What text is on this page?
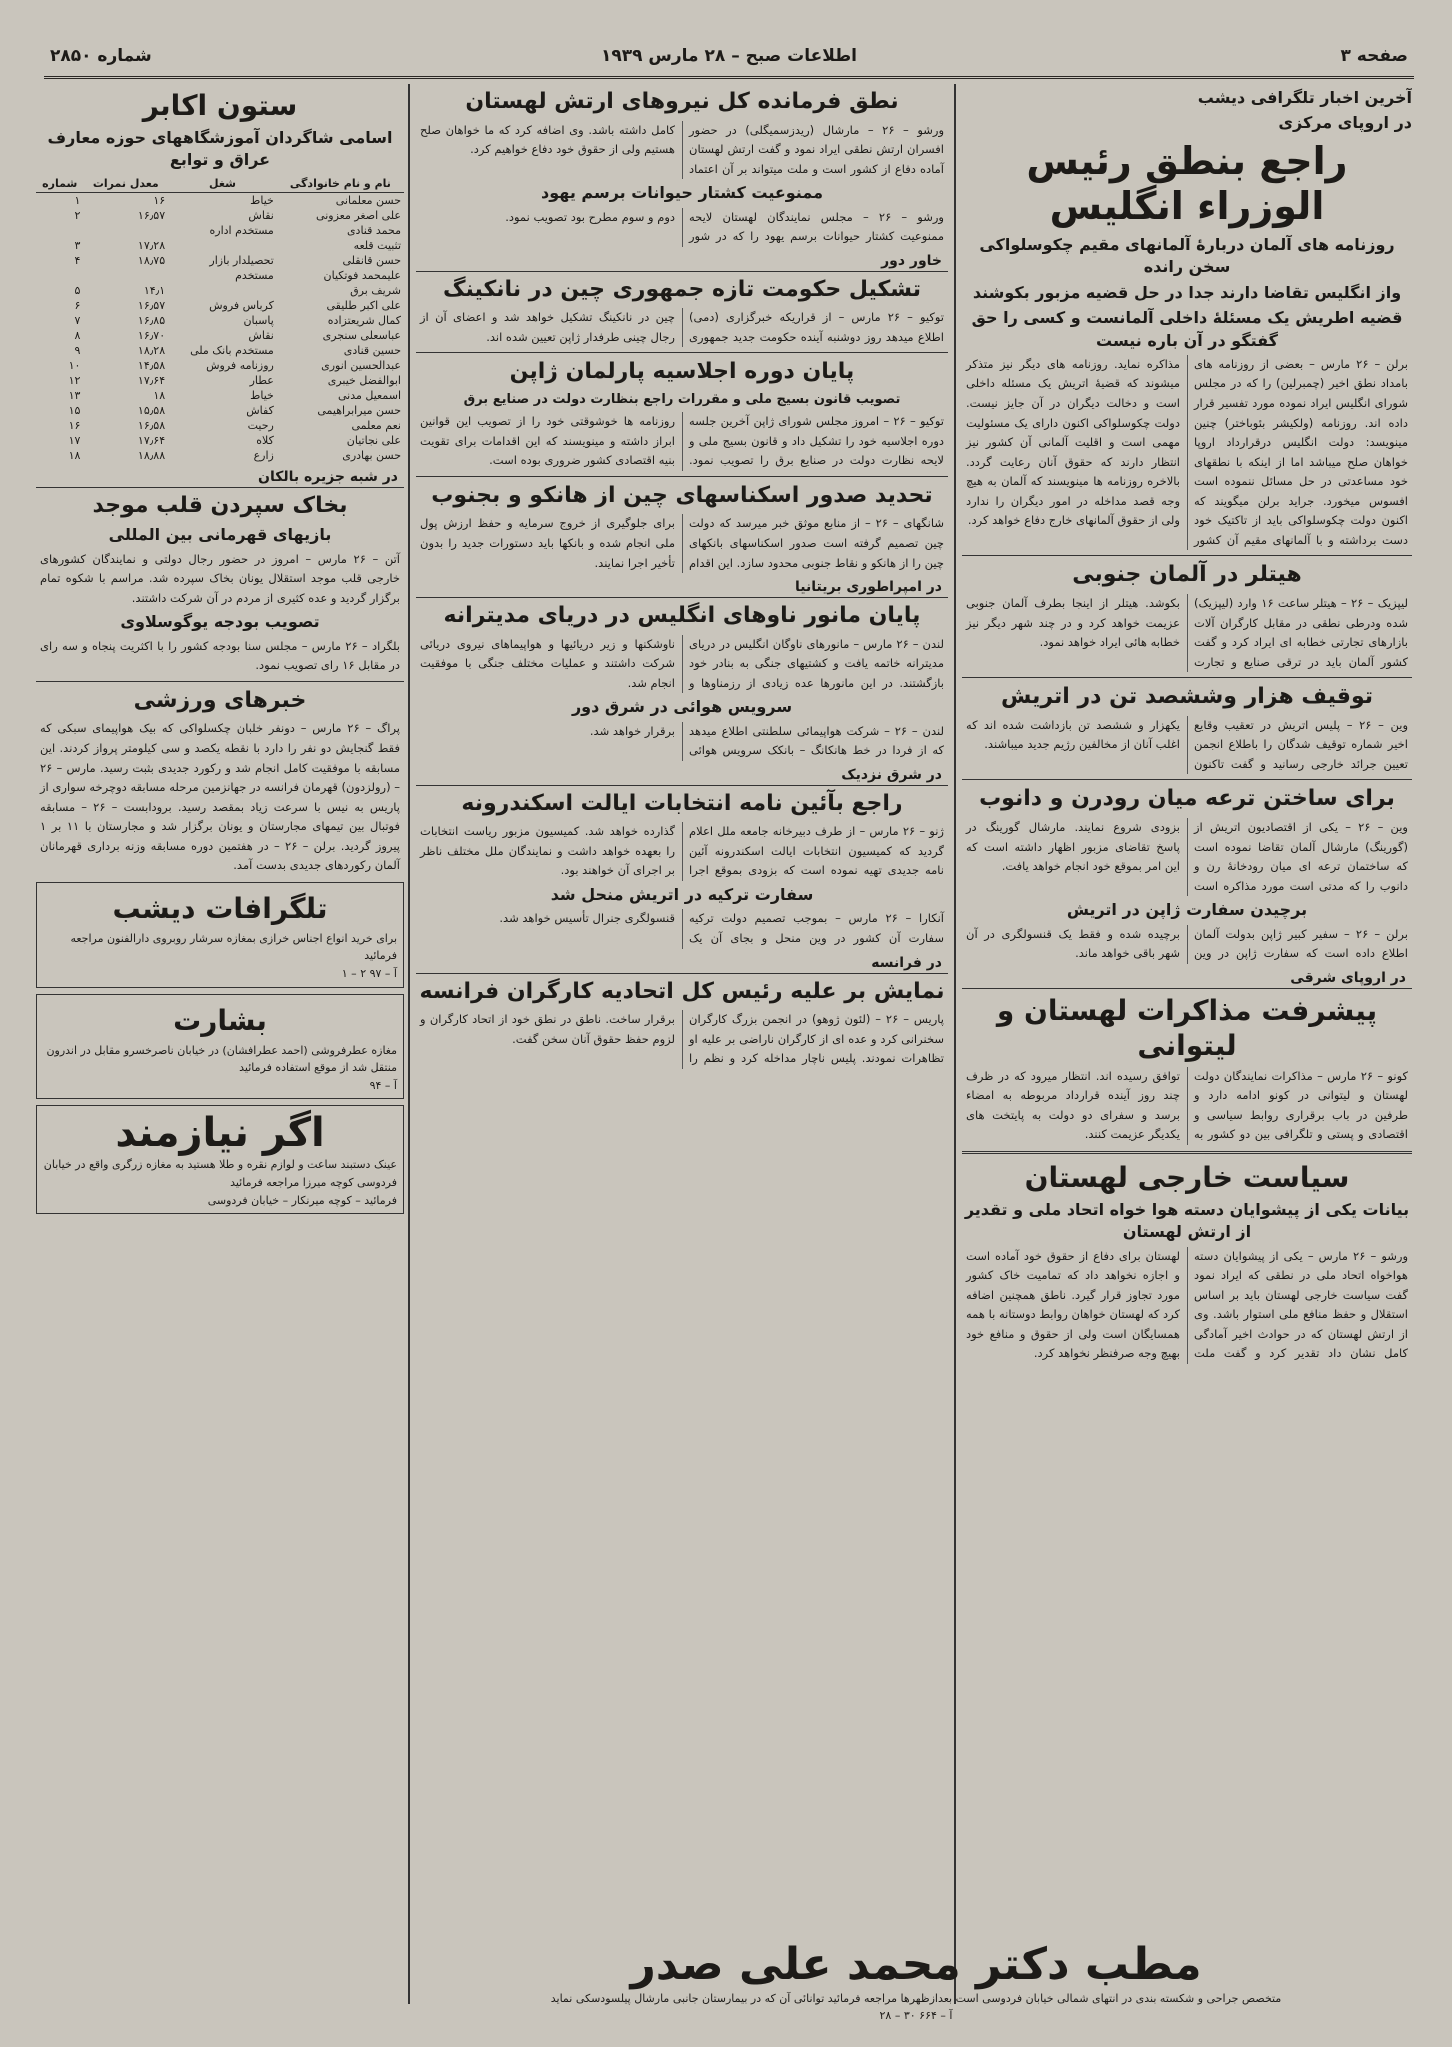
صفحه ۳
اطلاعات صبح – ۲۸ مارس ۱۹۳۹
شماره ۲۸۵۰
آخرین اخبار تلگرافی دیشب
در اروپای مرکزی
راجع بنطق رئیس الوزراء انگلیس
روزنامه های آلمان دربارهٔ آلمانهای مقیم چکوسلواکی سخن رانده
واز انگلیس تقاضا دارند جدا در حل قضیه مزبور بکوشند
قضیه اطریش یک مسئلهٔ داخلی آلمانست و کسی را حق گفتگو در آن باره نیست
برلن – ۲۶ مارس – بعضی از روزنامه های بامداد نطق اخیر (چمبرلین) را که در مجلس شورای انگلیس ایراد نموده مورد تفسیر قرار داده اند. روزنامه (ولکیشر بئوباختر) چنین مینویسد: دولت انگلیس درقرارداد اروپا خواهان صلح میباشد اما از اینکه با نطقهای خود مساعدتی در حل مسائل ننموده است افسوس میخورد. جراید برلن میگویند که اکنون دولت چکوسلواکی باید از تاکتیک خود دست برداشته و با آلمانهای مقیم آن کشور مذاکره نماید. روزنامه های دیگر نیز متذکر میشوند که قضیهٔ اتریش یک مسئله داخلی است و دخالت دیگران در آن جایز نیست. دولت چکوسلواکی اکنون دارای یک مسئولیت مهمی است و اقلیت آلمانی آن کشور نیز انتظار دارند که حقوق آنان رعایت گردد. بالاخره روزنامه ها مینویسند که آلمان به هیچ وجه قصد مداخله در امور دیگران را ندارد ولی از حقوق آلمانهای خارج دفاع خواهد کرد.
هیتلر در آلمان جنوبی
لیپزیک – ۲۶ – هیتلر ساعت ۱۶ وارد (لیپزیک) شده ودرطی نطقی در مقابل کارگران آلات بازارهای تجارتی خطابه ای ایراد کرد و گفت کشور آلمان باید در ترقی صنایع و تجارت بکوشد. هیتلر از اینجا بطرف آلمان جنوبی عزیمت خواهد کرد و در چند شهر دیگر نیز خطابه هائی ایراد خواهد نمود.
توقیف هزار وششصد تن در اتریش
وین – ۲۶ – پلیس اتریش در تعقیب وقایع اخیر شماره توقیف شدگان را باطلاع انجمن تعیین جرائد خارجی رسانید و گفت تاکنون یکهزار و ششصد تن بازداشت شده اند که اغلب آنان از مخالفین رژیم جدید میباشند.
برای ساختن ترعه میان رودرن و دانوب
وین – ۲۶ – یکی از اقتصادیون اتریش از (گورینگ) مارشال آلمان تقاضا نموده است که ساختمان ترعه ای میان رودخانهٔ رن و دانوب را که مدتی است مورد مذاکره است بزودی شروع نمایند. مارشال گورینگ در پاسخ تقاضای مزبور اظهار داشته است که این امر بموقع خود انجام خواهد یافت.
برچیدن سفارت ژاپن در اتریش
برلن – ۲۶ – سفیر کبیر ژاپن بدولت آلمان اطلاع داده است که سفارت ژاپن در وین برچیده شده و فقط یک قنسولگری در آن شهر باقی خواهد ماند.
در اروپای شرقی
پیشرفت مذاکرات لهستان و لیتوانی
کونو – ۲۶ مارس – مذاکرات نمایندگان دولت لهستان و لیتوانی در کونو ادامه دارد و طرفین در باب برقراری روابط سیاسی و اقتصادی و پستی و تلگرافی بین دو کشور به توافق رسیده اند. انتظار میرود که در ظرف چند روز آینده قرارداد مربوطه به امضاء برسد و سفرای دو دولت به پایتخت های یکدیگر عزیمت کنند.
سیاست خارجی لهستان
بیانات یکی از پیشوایان دسته هوا خواه اتحاد ملی و تقدیر از ارتش لهستان
ورشو – ۲۶ مارس – یکی از پیشوایان دسته هواخواه اتحاد ملی در نطقی که ایراد نمود گفت سیاست خارجی لهستان باید بر اساس استقلال و حفظ منافع ملی استوار باشد. وی از ارتش لهستان که در حوادث اخیر آمادگی کامل نشان داد تقدیر کرد و گفت ملت لهستان برای دفاع از حقوق خود آماده است و اجازه نخواهد داد که تمامیت خاک کشور مورد تجاوز قرار گیرد. ناطق همچنین اضافه کرد که لهستان خواهان روابط دوستانه با همه همسایگان است ولی از حقوق و منافع خود بهیچ وجه صرفنظر نخواهد کرد.
نطق فرمانده کل نیروهای ارتش لهستان
ورشو – ۲۶ – مارشال (ریدزسمیگلی) در حضور افسران ارتش نطقی ایراد نمود و گفت ارتش لهستان آماده دفاع از کشور است و ملت میتواند بر آن اعتماد کامل داشته باشد. وی اضافه کرد که ما خواهان صلح هستیم ولی از حقوق خود دفاع خواهیم کرد.
ممنوعیت کشتار حیوانات برسم یهود
ورشو – ۲۶ – مجلس نمایندگان لهستان لایحه ممنوعیت کشتار حیوانات برسم یهود را که در شور دوم و سوم مطرح بود تصویب نمود.
خاور دور
تشکیل حکومت تازه جمهوری چین در نانکینگ
توکیو – ۲۶ مارس – از قراریکه خبرگزاری (دمی) اطلاع میدهد روز دوشنبه آینده حکومت جدید جمهوری چین در نانکینگ تشکیل خواهد شد و اعضای آن از رجال چینی طرفدار ژاپن تعیین شده اند.
پایان دوره اجلاسیه پارلمان ژاپن
تصویب قانون بسیج ملی و مقررات راجع بنظارت دولت در صنایع برق
توکیو – ۲۶ – امروز مجلس شورای ژاپن آخرین جلسه دوره اجلاسیه خود را تشکیل داد و قانون بسیج ملی و لایحه نظارت دولت در صنایع برق را تصویب نمود. روزنامه ها خوشوقتی خود را از تصویب این قوانین ابراز داشته و مینویسند که این اقدامات برای تقویت بنیه اقتصادی کشور ضروری بوده است.
تحدید صدور اسکناسهای چین از هانکو و بجنوب
شانگهای – ۲۶ – از منابع موثق خبر میرسد که دولت چین تصمیم گرفته است صدور اسکناسهای بانکهای چین را از هانکو و نقاط جنوبی محدود سازد. این اقدام برای جلوگیری از خروج سرمایه و حفظ ارزش پول ملی انجام شده و بانکها باید دستورات جدید را بدون تأخیر اجرا نمایند.
در امپراطوری بریتانیا
پایان مانور ناوهای انگلیس در دریای مدیترانه
لندن – ۲۶ مارس – مانورهای ناوگان انگلیس در دریای مدیترانه خاتمه یافت و کشتیهای جنگی به بنادر خود بازگشتند. در این مانورها عده زیادی از رزمناوها و ناوشکنها و زیر دریائیها و هواپیماهای نیروی دریائی شرکت داشتند و عملیات مختلف جنگی با موفقیت انجام شد.
سرویس هوائی در شرق دور
لندن – ۲۶ – شرکت هواپیمائی سلطنتی اطلاع میدهد که از فردا در خط هانکانگ – بانکک سرویس هوائی برقرار خواهد شد.
در شرق نزدیک
راجع بآئین نامه انتخابات ایالت اسکندرونه
ژنو – ۲۶ مارس – از طرف دبیرخانه جامعه ملل اعلام گردید که کمیسیون انتخابات ایالت اسکندرونه آئین نامه جدیدی تهیه نموده است که بزودی بموقع اجرا گذارده خواهد شد. کمیسیون مزبور ریاست انتخابات را بعهده خواهد داشت و نمایندگان ملل مختلف ناظر بر اجرای آن خواهند بود.
سفارت ترکیه در اتریش منحل شد
آنکارا – ۲۶ مارس – بموجب تصمیم دولت ترکیه سفارت آن کشور در وین منحل و بجای آن یک قنسولگری جنرال تأسیس خواهد شد.
در فرانسه
نمایش بر علیه رئیس کل اتحادیه کارگران فرانسه
پاریس – ۲۶ – (لئون ژوهو) در انجمن بزرگ کارگران سخنرانی کرد و عده ای از کارگران ناراضی بر علیه او تظاهرات نمودند. پلیس ناچار مداخله کرد و نظم را برقرار ساخت. ناطق در نطق خود از اتحاد کارگران و لزوم حفظ حقوق آنان سخن گفت.
ستون اکابر
اسامی شاگردان آموزشگاههای حوزه معارف عراق و توابع
نام و نام خانوادگی	شغل	معدل نمرات	شماره
حسن معلمانی	خیاط	۱۶	۱
علی اصغر معزونی	نقاش	۱۶٫۵۷	۲
محمد قنادی	مستخدم اداره		
تثبیت قلعه		۱۷٫۲۸	۳
حسن قانقلی	تحصیلدار بازار	۱۸٫۷۵	۴
علیمحمد فوتکیان	مستخدم		
شریف برق		۱۴٫۱	۵
علی اکبر طلیقی	کرباس فروش	۱۶٫۵۷	۶
کمال شریعتزاده	پاسبان	۱۶٫۸۵	۷
عباسعلی سنجری	نقاش	۱۶٫۷۰	۸
حسین قنادی	مستخدم بانک ملی	۱۸٫۲۸	۹
عبدالحسین انوری	روزنامه فروش	۱۴٫۵۸	۱۰
ابوالفضل خیبری	عطار	۱۷٫۶۴	۱۲
اسمعیل مدنی	خیاط	۱۸	۱۳
حسن میرابراهیمی	کفاش	۱۵٫۵۸	۱۵
نعم معلمی	رحیت	۱۶٫۵۸	۱۶
علی نجاتیان	کلاه	۱۷٫۶۴	۱۷
حسن بهادری	زارع	۱۸٫۸۸	۱۸
در شبه جزیره بالکان
بخاک سپردن قلب موجد
بازیهای قهرمانی بین المللی
آتن – ۲۶ مارس – امروز در حضور رجال دولتی و نمایندگان کشورهای خارجی قلب موجد استقلال یونان بخاک سپرده شد. مراسم با شکوه تمام برگزار گردید و عده کثیری از مردم در آن شرکت داشتند.
تصویب بودجه یوگوسلاوی
بلگراد – ۲۶ مارس – مجلس سنا بودجه کشور را با اکثریت پنجاه و سه رای در مقابل ۱۶ رای تصویب نمود.
خبرهای ورزشی
پراگ – ۲۶ مارس – دونفر خلبان چکسلواکی که بیک هواپیمای سبکی که فقط گنجایش دو نفر را دارد با نقطه یکصد و سی کیلومتر پرواز کردند. این مسابقه با موفقیت کامل انجام شد و رکورد جدیدی بثبت رسید. مارس – ۲۶ – (رولزدون) قهرمان فرانسه در جهانزمین مرحله مسابقه دوچرخه سواری از پاریس به نیس با سرعت زیاد بمقصد رسید. برودابست – ۲۶ – مسابقه فوتبال بین تیمهای مجارستان و یونان برگزار شد و مجارستان با ۱۱ بر ۱ پیروز گردید. برلن – ۲۶ – در هفتمین دوره مسابقه وزنه برداری قهرمانان آلمان رکوردهای جدیدی بدست آمد.
تلگرافات دیشب
برای خرید انواع اجناس خرازی بمغازه سرشار روبروی دارالفنون مراجعه فرمائید
آ – ۹۷ ۲ – ۱
بشارت
مغازه عطرفروشی (احمد عطرافشان) در خیابان ناصرخسرو مقابل در اندرون منتقل شد از موقع استفاده فرمائید
آ – ۹۴
اگر نیازمند
عینک دستبند ساعت و لوازم نقره و طلا هستید به مغازه زرگری واقع در خیابان فردوسی کوچه میرزا مراجعه فرمائید
فرمائید – کوچه میرنکار – خیابان فردوسی
مطب دکتر محمد علی صدر
متخصص جراحی و شکسته بندی در انتهای شمالی خیابان فردوسی است بعدازظهرها مراجعه فرمائید توانائی آن که در بیمارستان جانبی مارشال پیلسودسکی نماید
آ – ۶۶۴ ۳۰ – ۲۸
